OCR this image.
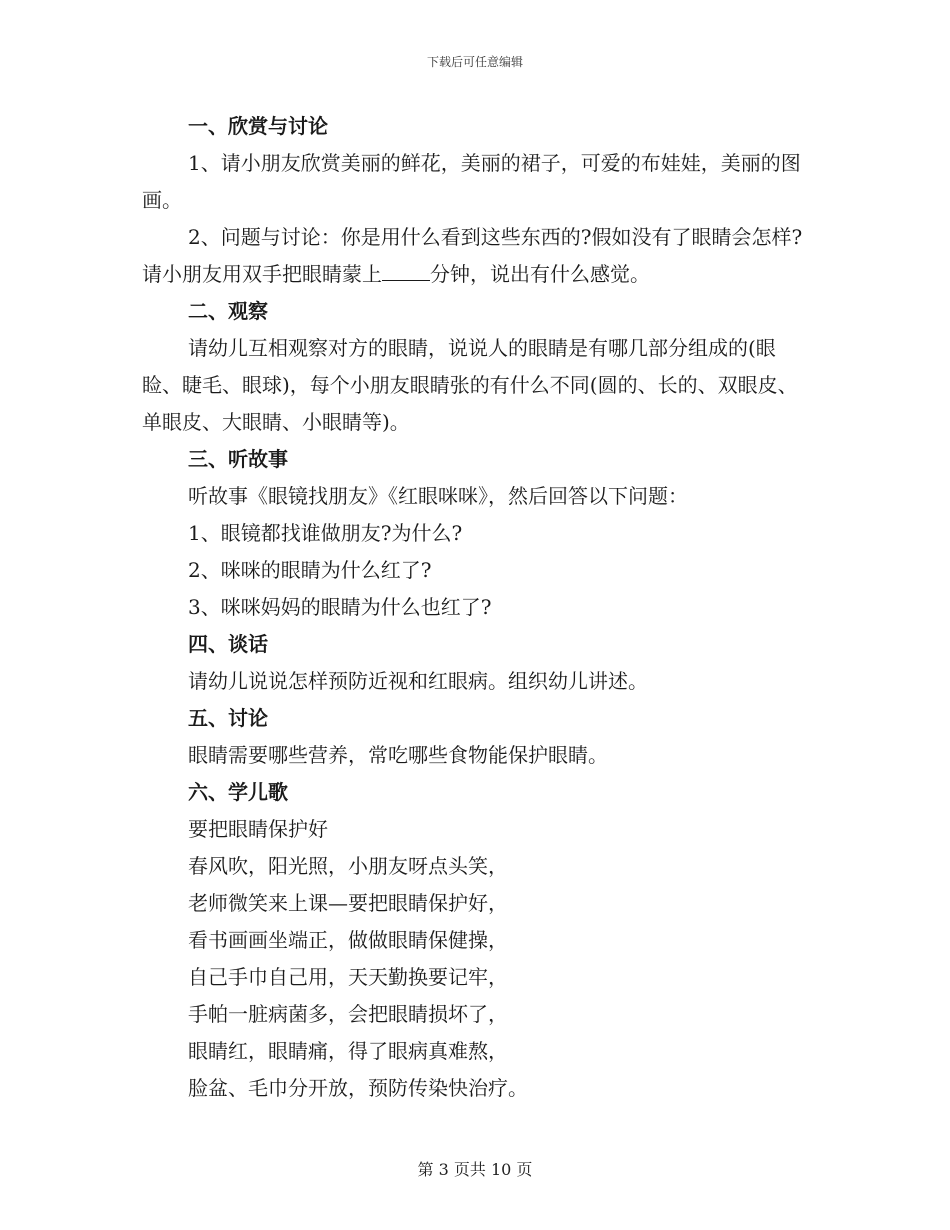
下载后可任意编辑
一、欣赏与讨论
1、请小朋友欣赏美丽的鲜花，美丽的裙子，可爱的布娃娃，美丽的图画。
2、问题与讨论：你是用什么看到这些东西的?假如没有了眼睛会怎样?请小朋友用双手把眼睛蒙上 分钟，说出有什么感觉。
二、观察
请幼儿互相观察对方的眼睛，说说人的眼睛是有哪几部分组成的(眼睑、睫毛、眼球)，每个小朋友眼睛张的有什么不同(圆的、长的、双眼皮、单眼皮、大眼睛、小眼睛等)。
三、听故事
听故事《眼镜找朋友》《红眼咪咪》，然后回答以下问题：
1、眼镜都找谁做朋友?为什么?
2、咪咪的眼睛为什么红了?
3、咪咪妈妈的眼睛为什么也红了?
四、谈话
请幼儿说说怎样预防近视和红眼病。组织幼儿讲述。
五、讨论
眼睛需要哪些营养，常吃哪些食物能保护眼睛。
六、学儿歌
要把眼睛保护好
春风吹，阳光照，小朋友呀点头笑，
老师微笑来上课—要把眼睛保护好，
看书画画坐端正，做做眼睛保健操，
自己手巾自己用，天天勤换要记牢，
手帕一脏病菌多，会把眼睛损坏了，
眼睛红，眼睛痛，得了眼病真难熬，
脸盆、毛巾分开放，预防传染快治疗。
第 3 页共 10 页
